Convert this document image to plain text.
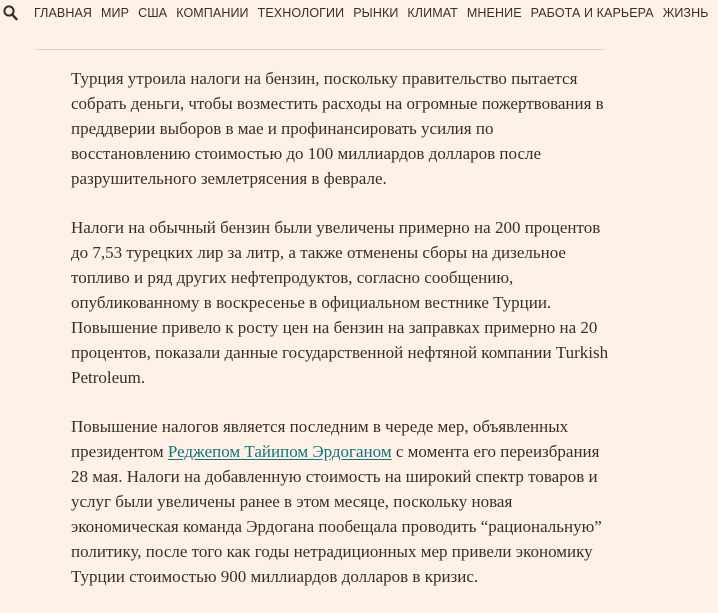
ГЛАВНАЯ МИР США КОМПАНИИ ТЕХНОЛОГИИ РЫНКИ КЛИМАТ МНЕНИЕ РАБОТА И КАРЬЕРА ЖИЗНЬ

Турция утроила налоги на бензин, поскольку правительство пытается собрать деньги, чтобы возместить расходы на огромные пожертвования в преддверии выборов в мае и профинансировать усилия по восстановлению стоимостью до 100 миллиардов долларов после разрушительного землетрясения в феврале.

Налоги на обычный бензин были увеличены примерно на 200 процентов до 7,53 турецких лир за литр, а также отменены сборы на дизельное топливо и ряд других нефтепродуктов, согласно сообщению, опубликованному в воскресенье в официальном вестнике Турции. Повышение привело к росту цен на бензин на заправках примерно на 20 процентов, показали данные государственной нефтяной компании Turkish Petroleum.

Повышение налогов является последним в череде мер, объявленных президентом Реджепом Тайипом Эрдоганом с момента его переизбрания 28 мая. Налоги на добавленную стоимость на широкий спектр товаров и услуг были увеличены ранее в этом месяце, поскольку новая экономическая команда Эрдогана пообещала проводить “рациональную” политику, после того как годы нетрадиционных мер привели экономику Турции стоимостью 900 миллиардов долларов в кризис.
